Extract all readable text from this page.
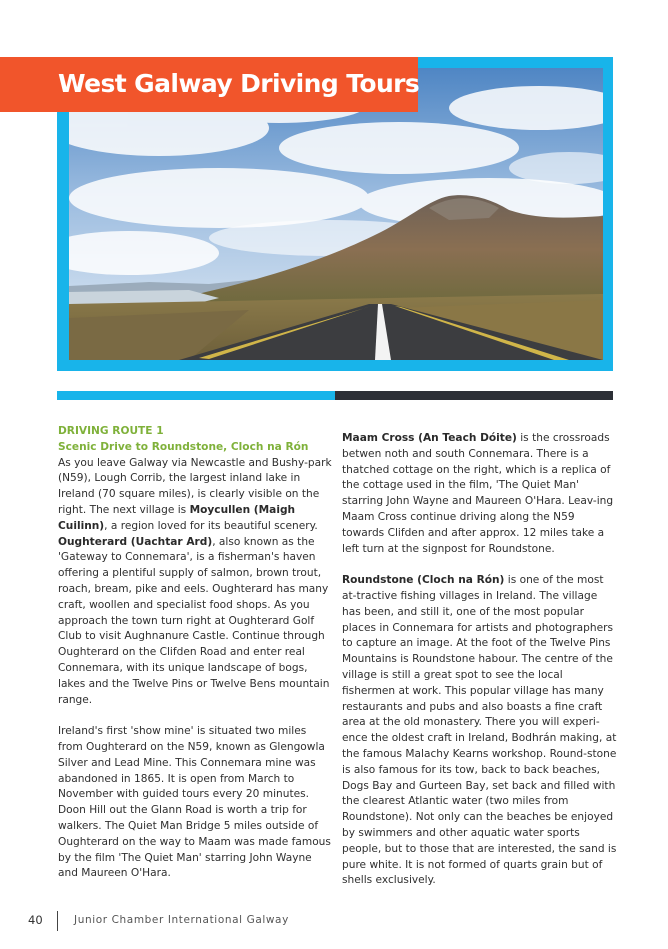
West Galway Driving Tours

DRIVING ROUTE 1
Scenic Drive to Roundstone, Cloch na Rón
As you leave Galway via Newcastle and Bushy-park (N59), Lough Corrib, the largest inland lake in Ireland (70 square miles), is clearly visible on the right. The next village is Moycullen (Maigh Cuilinn), a region loved for its beautiful scenery. Oughterard (Uachtar Ard), also known as the 'Gateway to Connemara', is a fisherman's haven offering a plentiful supply of salmon, brown trout, roach, bream, pike and eels. Oughterard has many craft, woollen and specialist food shops. As you approach the town turn right at Oughterard Golf Club to visit Aughnanure Castle. Continue through Oughterard on the Clifden Road and enter real Connemara, with its unique landscape of bogs, lakes and the Twelve Pins or Twelve Bens mountain range.

Ireland's first 'show mine' is situated two miles from Oughterard on the N59, known as Glengowla Silver and Lead Mine. This Connemara mine was abandoned in 1865. It is open from March to November with guided tours every 20 minutes. Doon Hill out the Glann Road is worth a trip for walkers. The Quiet Man Bridge 5 miles outside of Oughterard on the way to Maam was made famous by the film 'The Quiet Man' starring John Wayne and Maureen O'Hara.

Maam Cross (An Teach Dóite) is the crossroads betwen noth and south Connemara. There is a thatched cottage on the right, which is a replica of the cottage used in the film, 'The Quiet Man' starring John Wayne and Maureen O'Hara. Leav-ing Maam Cross continue driving along the N59 towards Clifden and after approx. 12 miles take a left turn at the signpost for Roundstone.

Roundstone (Cloch na Rón) is one of the most at-tractive fishing villages in Ireland. The village has been, and still it, one of the most popular places in Connemara for artists and photographers to capture an image. At the foot of the Twelve Pins Mountains is Roundstone habour. The centre of the village is still a great spot to see the local fishermen at work. This popular village has many restaurants and pubs and also boasts a fine craft area at the old monastery. There you will experi-ence the oldest craft in Ireland, Bodhrán making, at the famous Malachy Kearns workshop. Round-stone is also famous for its tow, back to back beaches, Dogs Bay and Gurteen Bay, set back and filled with the clearest Atlantic water (two miles from Roundstone). Not only can the beaches be enjoyed by swimmers and other aquatic water sports people, but to those that are interested, the sand is pure white. It is not formed of quarts grain but of shells exclusively.

40	Junior Chamber International Galway
